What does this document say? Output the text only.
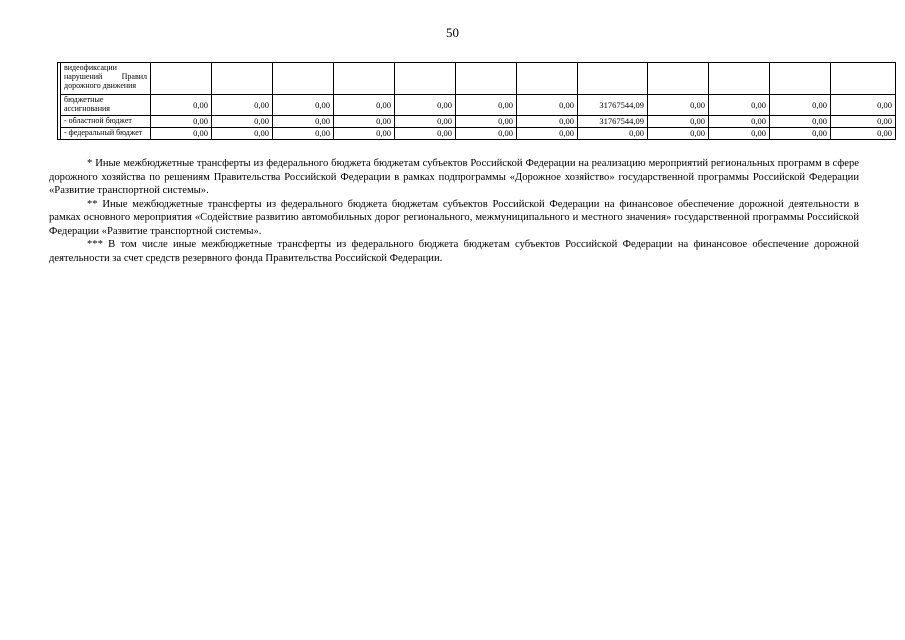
50
	видеофиксации нарушений Правил дорожного движения												
	бюджетные ассигнования	0,00	0,00	0,00	0,00	0,00	0,00	0,00	31767544,09	0,00	0,00	0,00	0,00
	- областной бюджет	0,00	0,00	0,00	0,00	0,00	0,00	0,00	31767544,09	0,00	0,00	0,00	0,00
	- федеральный бюджет	0,00	0,00	0,00	0,00	0,00	0,00	0,00	0,00	0,00	0,00	0,00	0,00

* Иные межбюджетные трансферты из федерального бюджета бюджетам субъектов Российской Федерации на реализацию мероприятий региональных программ в сфере дорожного хозяйства по решениям Правительства Российской Федерации в рамках подпрограммы «Дорожное хозяйство» государственной программы Российской Федерации «Развитие транспортной системы».

** Иные межбюджетные трансферты из федерального бюджета бюджетам субъектов Российской Федерации на финансовое обеспечение дорожной деятельности в рамках основного мероприятия «Содействие развитию автомобильных дорог регионального, межмуниципального и местного значения» государственной программы Российской Федерации «Развитие транспортной системы».

*** В том числе иные межбюджетные трансферты из федерального бюджета бюджетам субъектов Российской Федерации на финансовое обеспечение дорожной деятельности за счет средств резервного фонда Правительства Российской Федерации.
